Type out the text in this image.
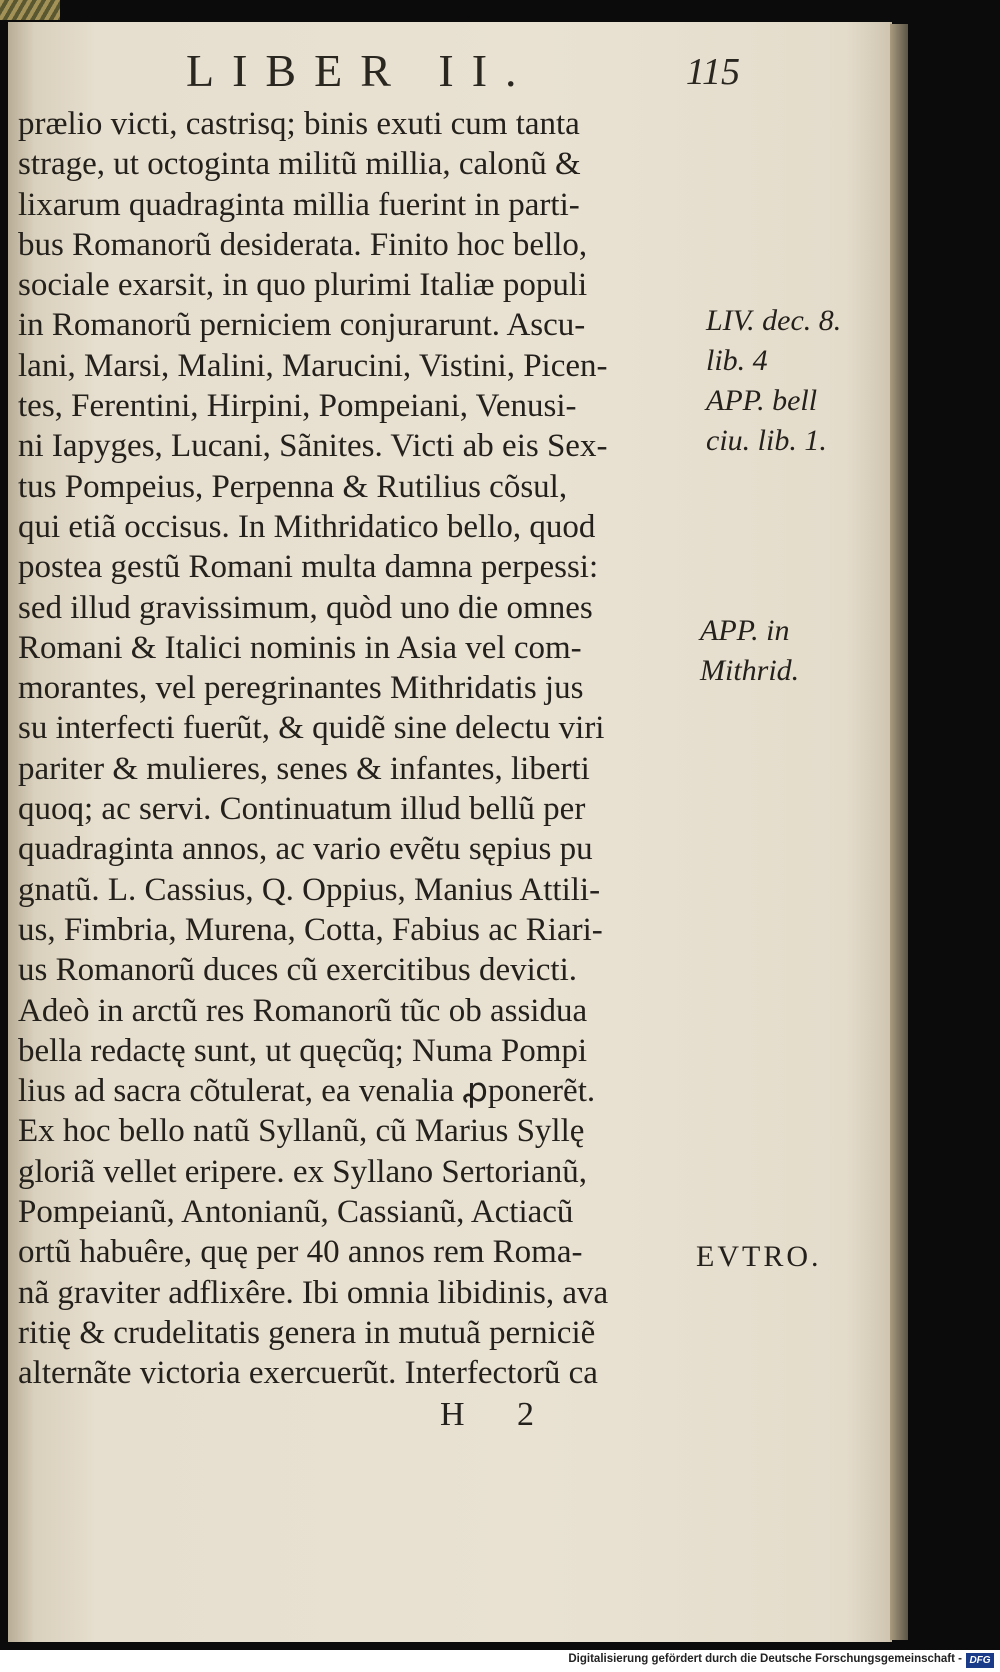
LIBER II.	115
prælio victi, castrisq; binis exuti cum tanta
strage, ut octoginta militũ millia, calonũ &
lixarum quadraginta millia fuerint in parti-
bus Romanorũ desiderata. Finito hoc bello,
sociale exarsit, in quo plurimi Italiæ populi
in Romanorũ perniciem conjurarunt. Ascu-
lani, Marsi, Malini, Marucini, Vistini, Picen-
tes, Ferentini, Hirpini, Pompeiani, Venusi-
ni Iapyges, Lucani, Sãnites. Victi ab eis Sex-
tus Pompeius, Perpenna & Rutilius cõsul,
qui etiã occisus. In Mithridatico bello, quod
postea gestũ Romani multa damna perpessi:
sed illud gravissimum, quòd uno die omnes
Romani & Italici nominis in Asia vel com-
morantes, vel peregrinantes Mithridatis jus
su interfecti fuerũt, & quidẽ sine delectu viri
pariter & mulieres, senes & infantes, liberti
quoq; ac servi. Continuatum illud bellũ per
quadraginta annos, ac vario evẽtu sępius pu
gnatũ. L. Cassius, Q. Oppius, Manius Attili-
us, Fimbria, Murena, Cotta, Fabius ac Riari-
us Romanorũ duces cũ exercitibus devicti.
Adeò in arctũ res Romanorũ tũc ob assidua
bella redactę sunt, ut quęcũq; Numa Pompi
lius ad sacra cõtulerat, ea venalia ꝓponerẽt.
Ex hoc bello natũ Syllanũ, cũ Marius Syllę
gloriã vellet eripere. ex Syllano Sertorianũ,
Pompeianũ, Antonianũ, Cassianũ, Actiacũ
ortũ habuêre, quę per 40 annos rem Roma-
nã graviter adflixêre. Ibi omnia libidinis, ava
ritię & crudelitatis genera in mutuã perniciẽ
alternãte victoria exercuerũt. Interfectorũ ca
LIV. dec. 8.
lib. 4
APP. bell
ciu. lib. 1.
APP. in
Mithrid.
EVTRO.
H 2
Digitalisierung gefördert durch die Deutsche Forschungsgemeinschaft - DFG
